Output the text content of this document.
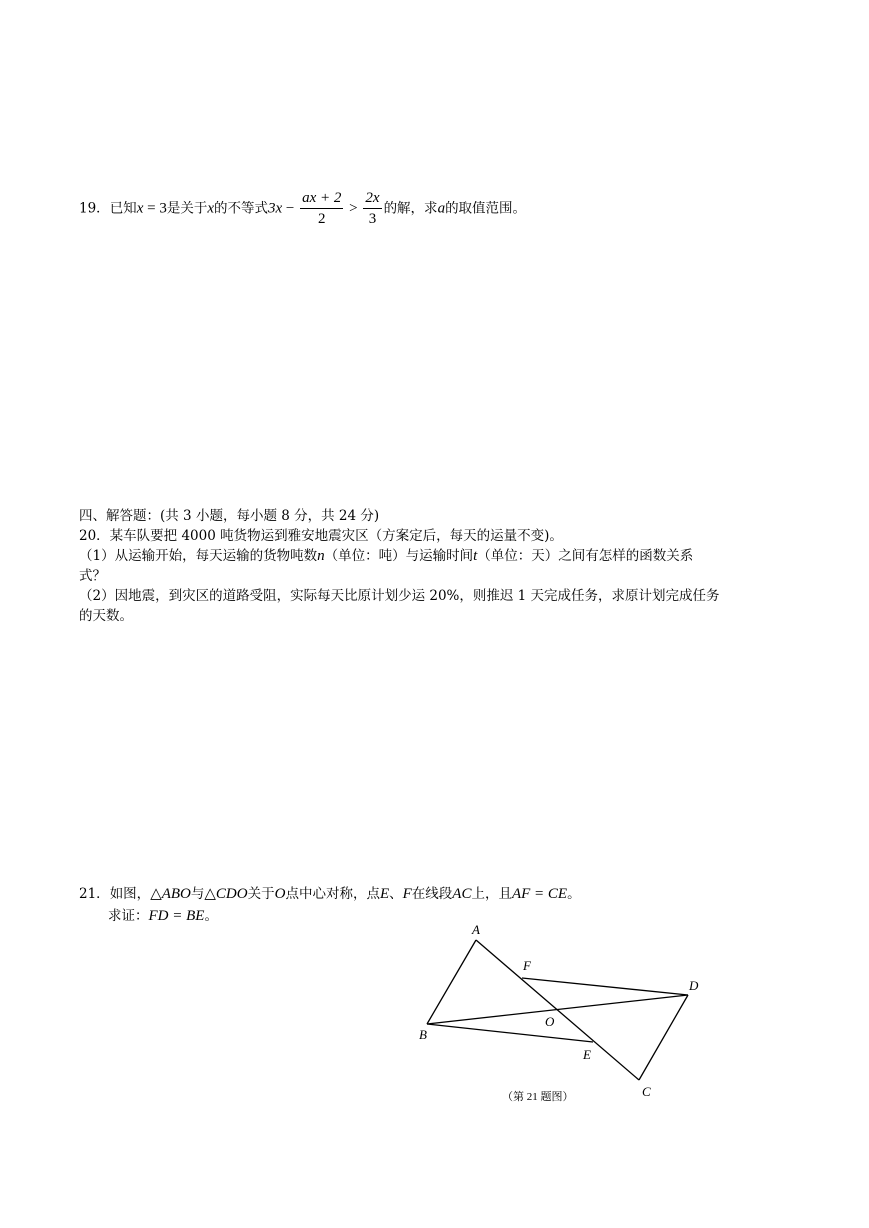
19．已知x = 3是关于x的不等式$3x - \frac{ax + 2}{2} > \frac{2x}{3}$ 的解，求a的取值范围。
四、解答题：(共 3 小题，每小题 8 分，共 24 分)
20．某车队要把 4000 吨货物运到雅安地震灾区（方案定后，每天的运量不变)。
（1）从运输开始，每天运输的货物吨数n（单位：吨）与运输时间t（单位：天）之间有怎样的函数关系
式？
（2）因地震，到灾区的道路受阻，实际每天比原计划少运 20%，则推迟 1 天完成任务，求原计划完成任务
的天数。
21．如图，△ABO与△CDO关于O点中心对称，点E、F在线段AC上，且AF = CE。
求证：FD = BE。
A
B
C
D
E
F
O
（第 21 题图）
